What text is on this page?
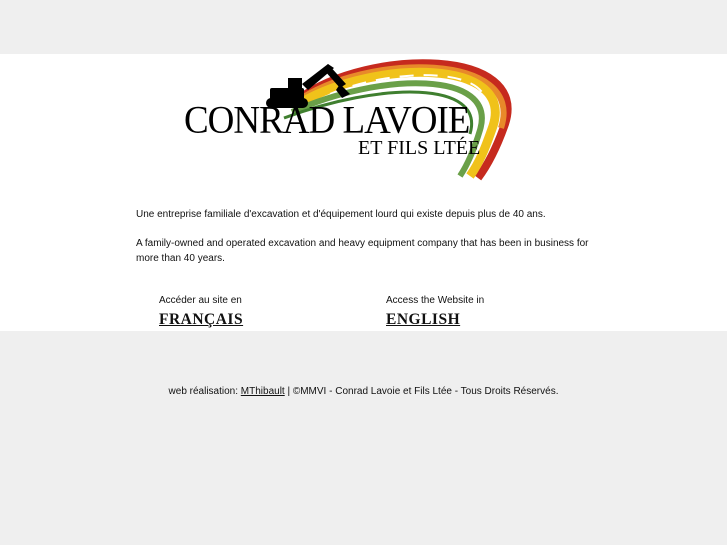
CONRAD LAVOIE
ET FILS LTÉE

Une entreprise familiale d'excavation et d'équipement lourd qui existe depuis plus de 40 ans.

A family-owned and operated excavation and heavy equipment company that has been in business for more than 40 years.

Accéder au site en
FRANÇAIS
Access the Website in
ENGLISH
web réalisation: MThibault | ©MMVI - Conrad Lavoie et Fils Ltée - Tous Droits Réservés.
